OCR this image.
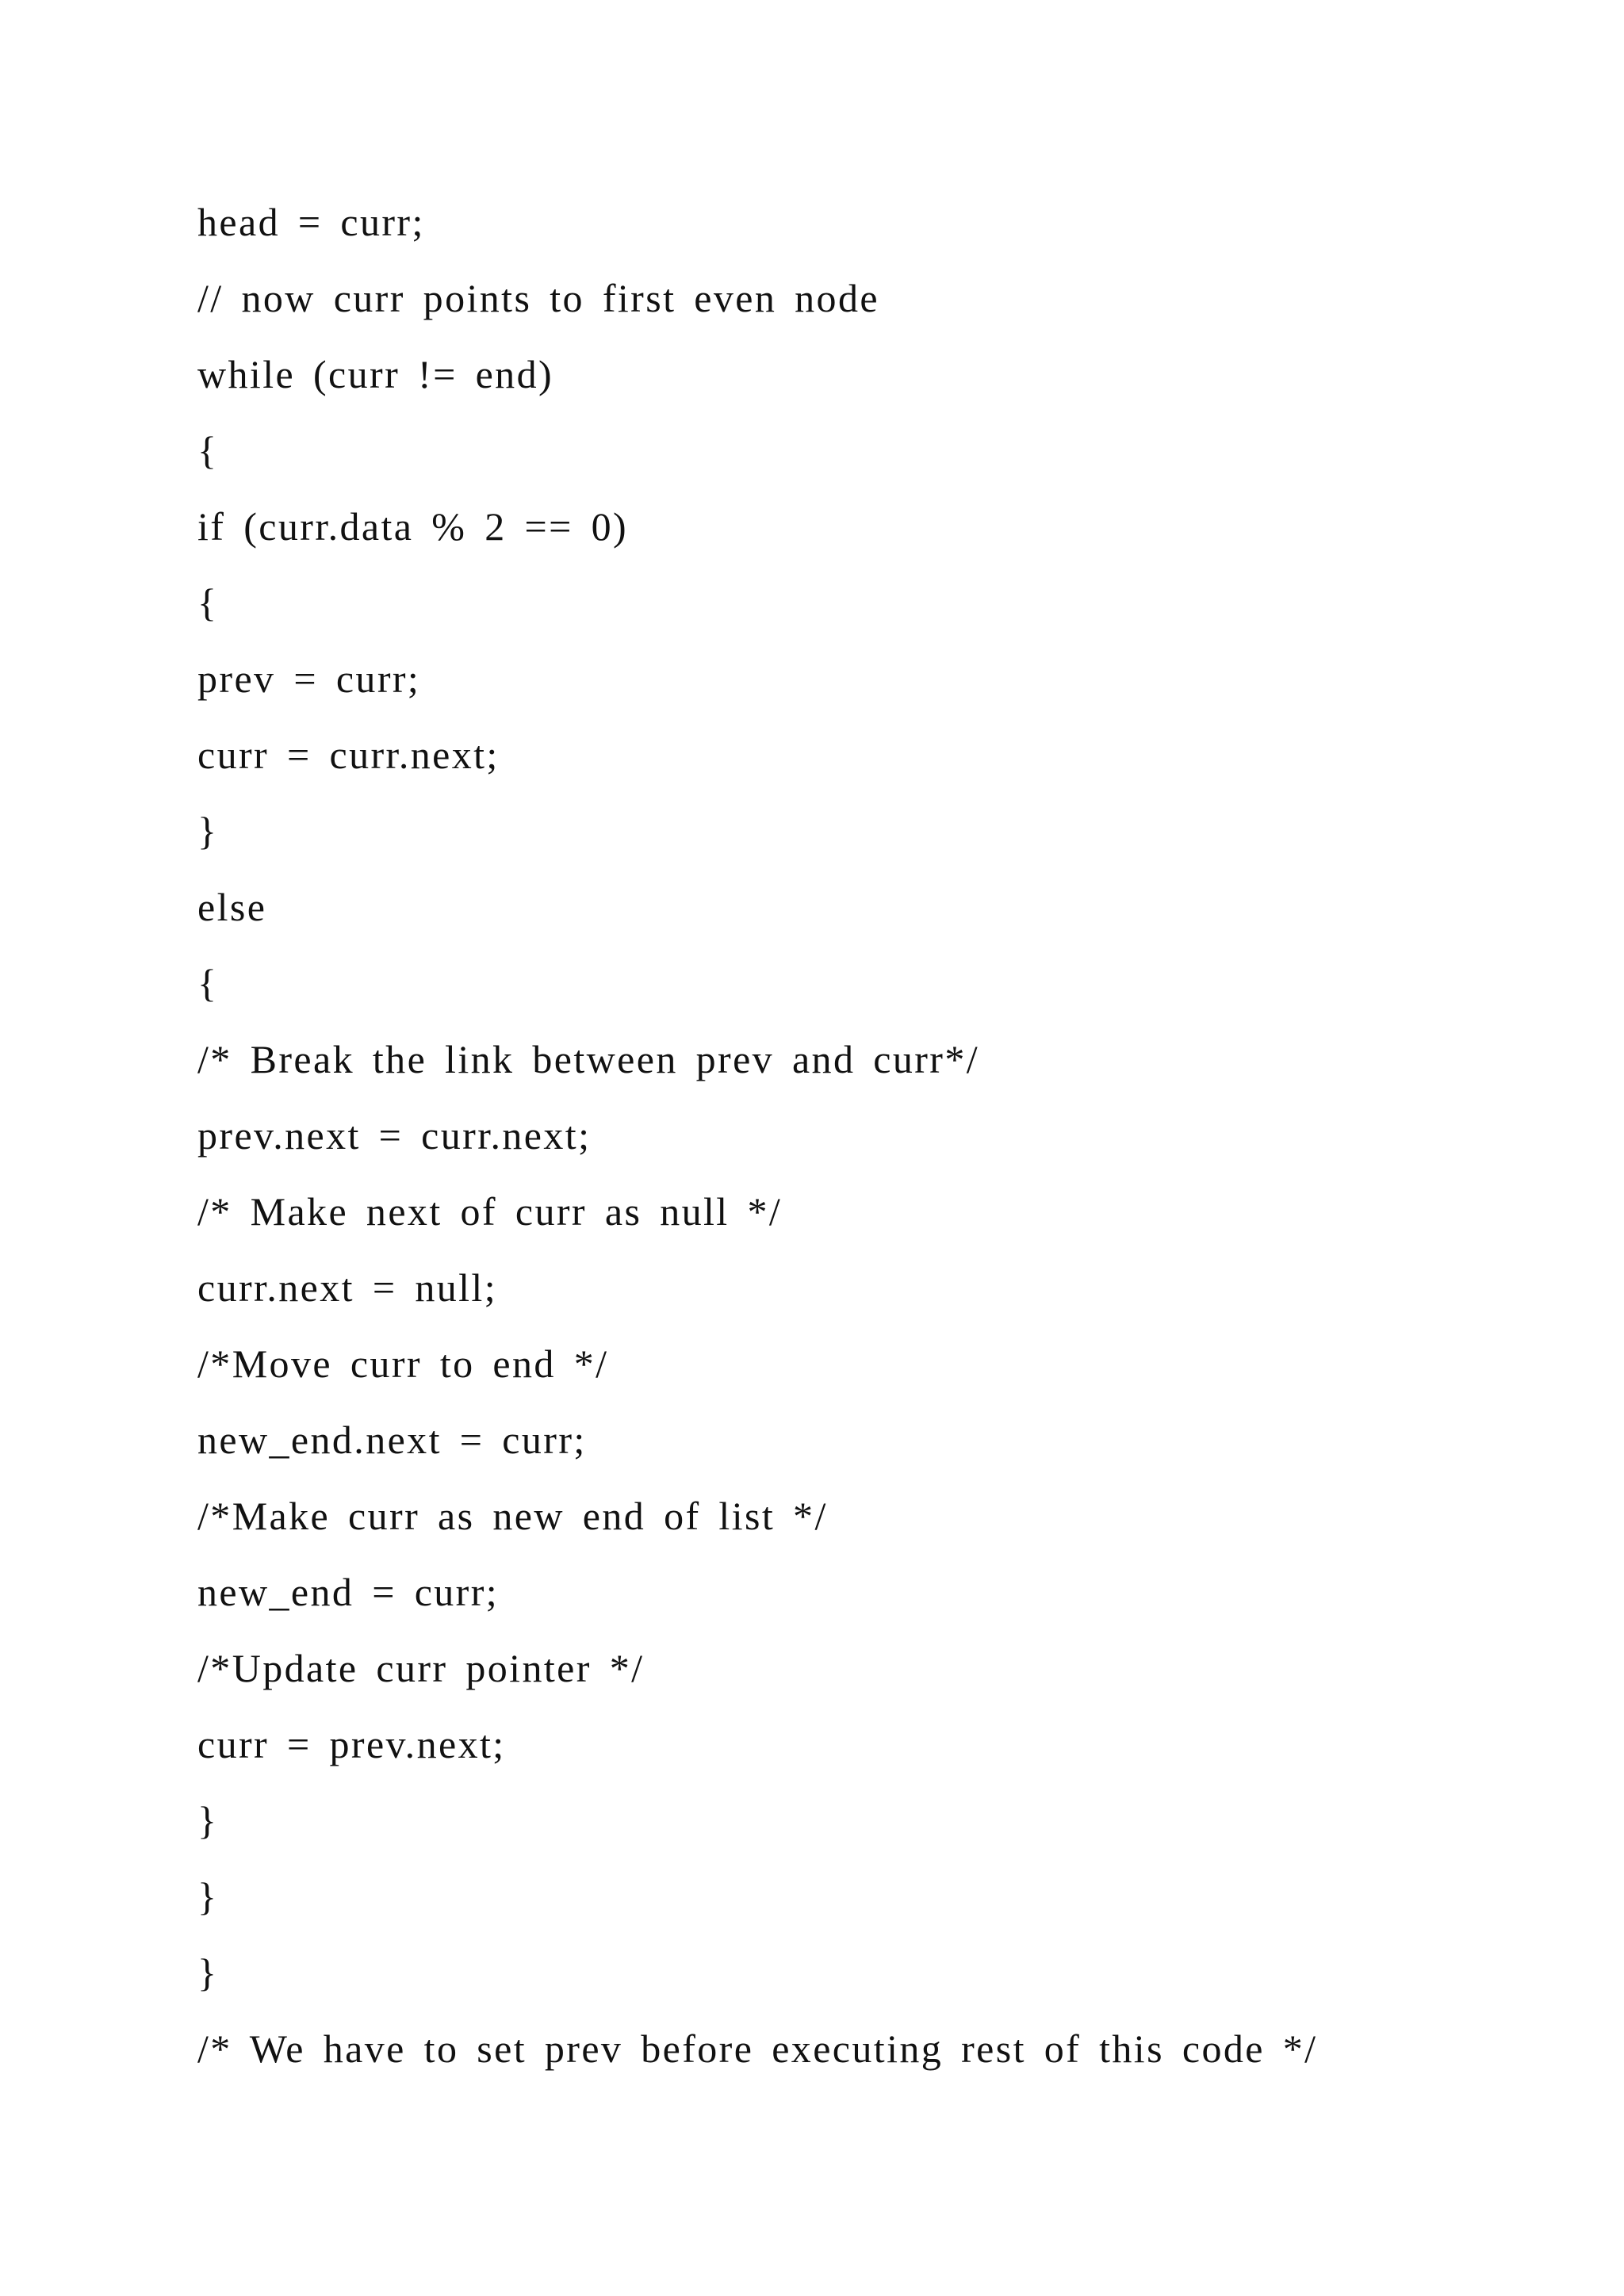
head = curr;
// now curr points to first even node
while (curr != end)
{
if (curr.data % 2 == 0)
{
prev = curr;
curr = curr.next;
}
else
{
/* Break the link between prev and curr*/
prev.next = curr.next;
/* Make next of curr as null */
curr.next = null;
/*Move curr to end */
new_end.next = curr;
/*Make curr as new end of list */
new_end = curr;
/*Update curr pointer */
curr = prev.next;
}
}
}
/* We have to set prev before executing rest of this code */
